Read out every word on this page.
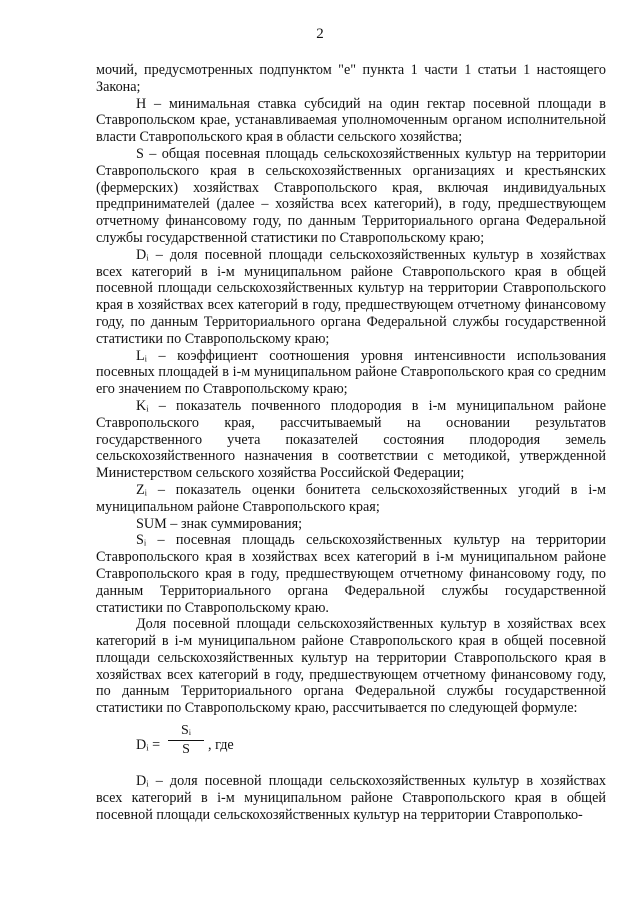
2

мочий, предусмотренных подпунктом "е" пункта 1 части 1 статьи 1 настоящего Закона;

H – минимальная ставка субсидий на один гектар посевной площади в Ставропольском крае, устанавливаемая уполномоченным органом исполнительной власти Ставропольского края в области сельского хозяйства;

S – общая посевная площадь сельскохозяйственных культур на территории Ставропольского края в сельскохозяйственных организациях и крестьянских (фермерских) хозяйствах Ставропольского края, включая индивидуальных предпринимателей (далее – хозяйства всех категорий), в году, предшествующем отчетному финансовому году, по данным Территориального органа Федеральной службы государственной статистики по Ставропольскому краю;

Dᵢ – доля посевной площади сельскохозяйственных культур в хозяйствах всех категорий в i-м муниципальном районе Ставропольского края в общей посевной площади сельскохозяйственных культур на территории Ставропольского края в хозяйствах всех категорий в году, предшествующем отчетному финансовому году, по данным Территориального органа Федеральной службы государственной статистики по Ставропольскому краю;

Lᵢ – коэффициент соотношения уровня интенсивности использования посевных площадей в i-м муниципальном районе Ставропольского края со средним его значением по Ставропольскому краю;

Kᵢ – показатель почвенного плодородия в i-м муниципальном районе Ставропольского края, рассчитываемый на основании результатов государственного учета показателей состояния плодородия земель сельскохозяйственного назначения в соответствии с методикой, утвержденной Министерством сельского хозяйства Российской Федерации;

Zᵢ – показатель оценки бонитета сельскохозяйственных угодий в i-м муниципальном районе Ставропольского края;

SUM – знак суммирования;

Sᵢ – посевная площадь сельскохозяйственных культур на территории Ставропольского края в хозяйствах всех категорий в i-м муниципальном районе Ставропольского края в году, предшествующем отчетному финансовому году, по данным Территориального органа Федеральной службы государственной статистики по Ставропольскому краю.

Доля посевной площади сельскохозяйственных культур в хозяйствах всех категорий в i-м муниципальном районе Ставропольского края в общей посевной площади сельскохозяйственных культур на территории Ставропольского края в хозяйствах всех категорий в году, предшествующем отчетному финансовому году, по данным Территориального органа Федеральной службы государственной статистики по Ставропольскому краю, рассчитывается по следующей формуле:

Dᵢ =
Sᵢ
S	, где

Dᵢ – доля посевной площади сельскохозяйственных культур в хозяйствах всех категорий в i-м муниципальном районе Ставропольского края в общей посевной площади сельскохозяйственных культур на территории Ставрополько-
